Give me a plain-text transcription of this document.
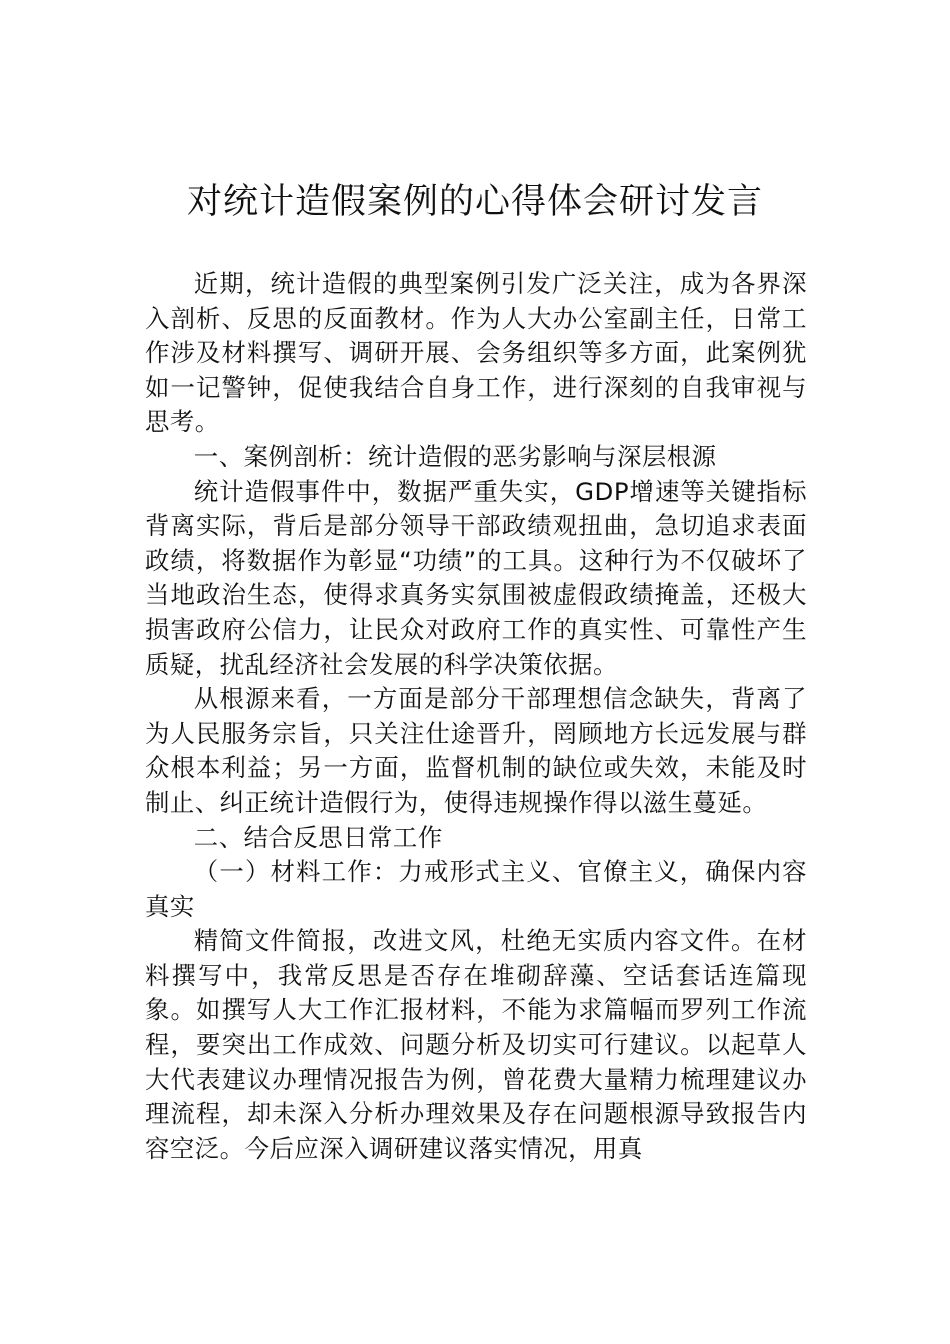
对统计造假案例的心得体会研讨发言

近期，统计造假的典型案例引发广泛关注，成为各界深入剖析、反思的反面教材。作为人大办公室副主任，日常工作涉及材料撰写、调研开展、会务组织等多方面，此案例犹如一记警钟，促使我结合自身工作，进行深刻的自我审视与思考。

一、案例剖析：统计造假的恶劣影响与深层根源

统计造假事件中，数据严重失实，GDP增速等关键指标背离实际，背后是部分领导干部政绩观扭曲，急切追求表面政绩，将数据作为彰显“功绩”的工具。这种行为不仅破坏了当地政治生态，使得求真务实氛围被虚假政绩掩盖，还极大损害政府公信力，让民众对政府工作的真实性、可靠性产生质疑，扰乱经济社会发展的科学决策依据。

从根源来看，一方面是部分干部理想信念缺失，背离了为人民服务宗旨，只关注仕途晋升，罔顾地方长远发展与群众根本利益；另一方面，监督机制的缺位或失效，未能及时制止、纠正统计造假行为，使得违规操作得以滋生蔓延。

二、结合反思日常工作

（一）材料工作：力戒形式主义、官僚主义，确保内容真实

精简文件简报，改进文风，杜绝无实质内容文件。在材料撰写中，我常反思是否存在堆砌辞藻、空话套话连篇现象。如撰写人大工作汇报材料，不能为求篇幅而罗列工作流程，要突出工作成效、问题分析及切实可行建议。以起草人大代表建议办理情况报告为例，曾花费大量精力梳理建议办理流程，却未深入分析办理效果及存在问题根源导致报告内容空泛。今后应深入调研建议落实情况，用真
